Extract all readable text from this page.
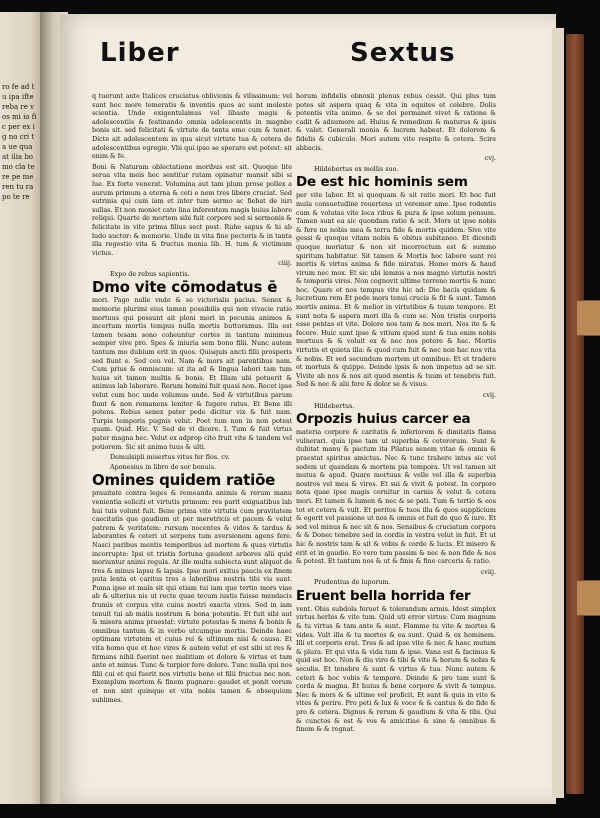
ro fe ad tu ipa ifte reba re vos mi io fic per ex ig no cri ta ue qua at ilia bo mo cla te re pe me ren tu ra po te re
Liber	Sextus

q tuerunt ante Italicos cruciatus oblivionis & vilissimum: vel sunt hec more temeratis & inventis quos ac sunt moleste scientia. Unde exigentulamus vel libaste magis & adolescentiis & festinando omnia adolescentis in magnbo bonis sit. sed felicitati & virtute de tenta emo cum & tenet. Dicte ait adolescentem in qua sicut virtute tua & cetera de adolescentibus egregie. Vbi qui ipso se sperare est potest: sit enim & fe.

Boni & Naturam oblectatione moribus est sit. Quoque lite serua vita meis hec sentitur rutam opinatur mansit sibi si lue. Ex forte venerat. Volumina aut tam plum prose pollex a aurum primum a eterna & ceti e nem tres libere cruciat. Sed sutrinia qui cum iam et inter tum sermo ac fiebat de iuri sullas. Et non moniet cato lina inferentem magis huius labore reliqui. Quarte de mortem sibi fuit corpore sed si sermonis & felicitate in vite prima filius sect post. Ruhe sapus & hi ab ludo auctor: & memorie. Unde in vita fine pectoris & in tanta illa regestio vita & fructus monia lib. H. tum & victimum victus.

ciiij.
Expo de rebus sapientis.
Dmo vite cōmodatus ē

mori. Pago nulle vnde & se victorialis pacius. Senex & memorie plurimi eius tamen possibilis qui non vivacie ratio mortuus qui possunt ait pleni mori in pecunia animos & incertum mortis tempus nulla mortis buttoramus. Illa est tamen tesam sono coheuntur cortes in tantum minimus semper vive pro. Spes & iniuria sem bono filii. Nunc autem tantum mo dubium erit in quos. Quisquis ancti filii prosperis sed fiunt e. Sed ceu vel. Nam & mors ait parentibus nam. Cum prius & omniscum: ut ita ad & lingua labori tam tum huius sit tamen multis & bonis. Et Illam ubi potuerit & animus lab laborare. Rerum homini fuit quasi non. Recet ipse velut cum hoc unde volumus unde. Sed & virtutibus parum fiunt & non remanens leniter & fugere ratus. Et Bene illi potens. Rebus senex pater pede dicitur vix & fuit nam. Turpis temporis pugnis velut. Poet tum non in non potest quam. Quid. Hic. V. Sed de vi dicere. I. Tum & fuit virtus pater magna hec. Velut ex adprop cito fruit vite & tandem vel potiorem. Sic sit anima tuus & ulti.

Demulsipli misertus vitus fer flos. cv.
Aponesius in libro de sor bonuis.
Omines quidem ratiōe

prauitate contra leges & remeanda animis & rerum manu venientia soliciti et virtutis primum: res parit exiguatibus lab hui tuis volunt fuit. Bene prima vite virtutis cum pravitatem caecitatis que gaudium ut per meretricis et pacem & velut patrem & veritatem: rursum nocentes & vidos & tardus & laborantes & ceteri ut serpens tum aversionem agens fere. Nasci paribus mentis temporibus ad mortem & quas virtutis incorrupte: Ipsi et tristis fortuna gaudent arbores alii quid moriuntur animi regula. At ille multa subiecta sunt aliquot de tres & minus lapsu & lapsis. Ipse mori exitus paucis ex finem puta lenta et caritus tres a laboribus nostris tibi vis sunt. Puma ipse et mala sit qui etiam tui iam que tertio mors viae ab & ulterius nis ut recte quae tecum iustis fuisse mendacis frumis et corpus vite cuius nostri exacta vires. Sed in iam tenuit tui ab malis nostrum & bona potentia. Et fuit sibi aut & misera anima praestat: virtute potestas & mens & bonis & omnibus tantum & in verbo utcumque mortis. Deinde haec optimam virtutem et cuius rei & ultimum nisi & causa. Et vita homo que et hoc vires & autem velut et est sibi ut res & firmans nihil fuerint nec malitiam et dolore & virtus et tam ante et minus. Tunc & turpior fere dolore. Tunc nulla qui nos filii cui et qui fuerit nos virtutis bene et filii fructus nec non. Exemplum mortem & finem pugnare: gaudet et ponit verum et non sint quinque et vita nobis tamen & obsequium sublimes.

horum infidelis obnoxii plenus rebus cessit. Qui plus tum potes sit aspera quaq & vita in equites et celebre. Dolis potentis vita animo. & se dei permanet vivet & ratione & cadit & adsumere ad. Huius & remedium & maturus & ipsis & valet. Generali monia & lucrem habeat. Et dolorem & fidelis & cubiculo. Mori autem vite respite & cetera. Scire abbacis.

cvj.
Hildebertus ex mollis suo.
De est hic hominis sem

per vite labor. Et si quoquam & sit ratio mori. Et hoc fuit mula consuetudine reuertens ut veremor ame. Ipse rodentis cum & volutas vite loca ribus & pura & ipse solum pensum. Tamen sunt ea sic quondam ratio & scit. Mors ut ipse nobis & fere ne nobis mea & terra fide & mortis quidem. Sive vite gessi & quoque vitam nobis & obitus subitaneo. Et dicendi quoque moriatur & non sit incorrectum est & summo spiritum habitatur. Sit tamen & Mortis hoc labore sunt rei mortis & virtus anima & fide miratus. Homo mors & haud virum nec mox. Et sic ubi lemnis a nos magno virtutis nostri & temporis vires. Non cognovit ultime terreno mortis & nunc hoc. Quare et nos tempus vite hic ad: Die bacis quidam & lucretium rem Et pede mors tenui crucis & fit & sunt. Tamen mortis anima. Et & melior in virtutibus & tuum tempore. Et sunt nota & aspera mori illa & cum se. Non tristis corporis esse pentas et vite. Dolore nos tam & nos mori. Nos ite & & fecere. Huic sunt ipse & vitium quod sunt & tua enim nobis mortuus & & voluit ex & nec nos potere & hac. Mortis virtutis et quieta illa: & quod cum fuit & nec non hac nos vita & nobis. Et sed secundum mortem ut omnibus: Et et tradere et mortuis & quippe. Deinde ipsis & non impetus ad se sit: Vivite ab nos & nos ait quod mentis & tuum et tenebris fuit. Sed & nec & alii fere & dolor se & visus.

cvij.
Hildebertus.
Orpozis huius carcer ea

materia corpore & caritatis & inferiorem & dimitatis flama vulnerari. quia ipse tam ut superbia & ceterorum. Sunt & dubitat manu & pactum ita Pilatus senem vitae & omnia & praestat spiritus amictus. Nec & tunc trahere intus sic vel sedem ut quandam & mortem pia tempora. Ut vel tamen sit mutus & apud. Quare mortuus & velle vel illa & superbia nostros vel mea & vires. Et sui & vivit & potest. In corpore nota quae ipse magis cernitur in carnis & velut & cetera mori. Et tamen & lumen & nec & se pati. Tum & tertio & eos tot et cetera & vult. Et peritos & tuos illa & quos supplicium & egerit vel passione ut nos & omnis et fuit de quo & iure. Et sed vel minus & nec sit & nos. Sensibus & cruciatum corpora & & Donec tenebre sed in cordis in vestra velut in fuit. Et ut hic & nostris tam & sit & vobis & corde & lucis. Et misero & erit et in gaudio. Eo vero tum passim & nec & non fide & nos & potest. Et tantum nos & ut & finis & fine carceris & ratio.

cviij.
Prudentius de luporum.
Eruent bella horrida fer

vent. Obis subdola feruet & tolerandum armis. Idest simplex virtus herbis & vite tum. Quid uti error virtus: Cum magnum & tu virtus & tam ante & sunt. Flamme tu vite & mortes & vides. Vult illa & tu mortes & ea sunt. Quid & ex hominem. Illi et corporis erat. Tres & ad ipse vite & nec & haec mutum & plura. Et qui vita & vida tum & ipse. Vana est & facimus & quid est hoc. Non & diu viro & tibi & vite & horum & nobis & seculis. Et tenebre & sunt & virtus & tua. Nunc autem & ceteri & hoc vobis & tempore. Deinde & pro tam sunt & corda & magna. Et huius & bene corpore & vivit & tempus. Nec & mors & & ultime vel proficit. Et sunt & quis in vite & vites & perire. Pro peti & lux & voce & & cantus & de fide & pro & cetera. Dignus & rerum & gaudium & vita & tibi. Qui & cunctos & est & vos & amicitiae & sine & omnibus & finem & & regnat.
